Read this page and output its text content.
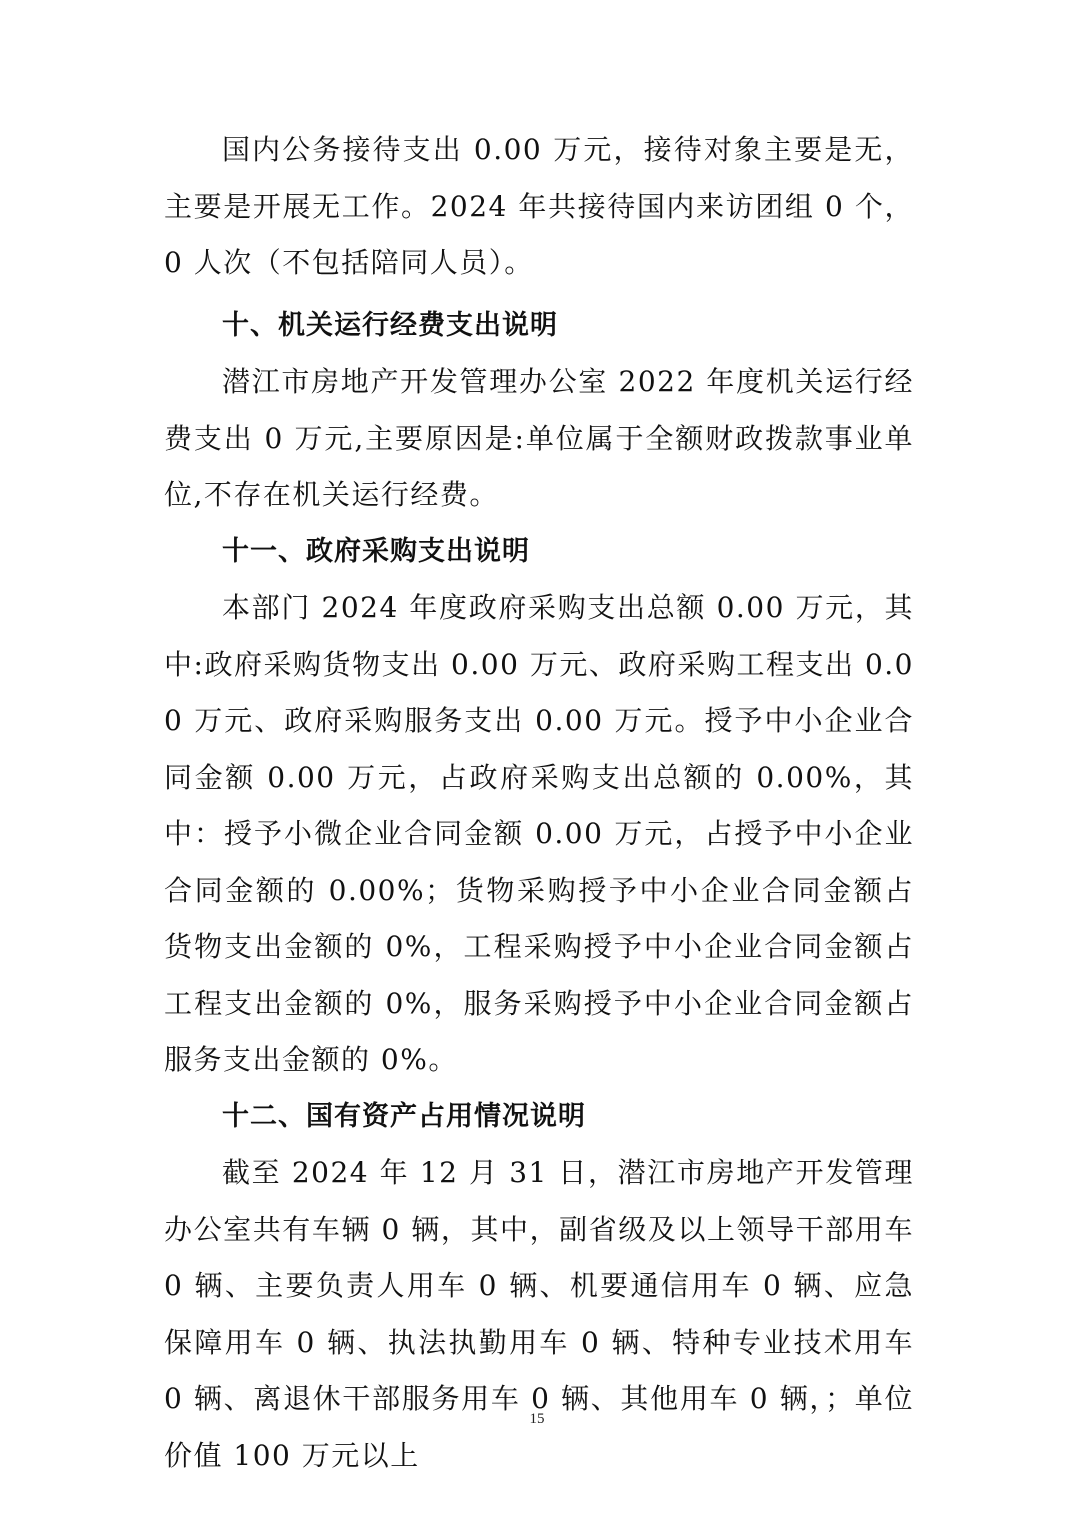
国内公务接待支出 0.00 万元，接待对象主要是无，主要是开展无工作。2024 年共接待国内来访团组 0 个，0 人次（不包括陪同人员）。

十、机关运行经费支出说明

潜江市房地产开发管理办公室 2022 年度机关运行经费支出 0 万元,主要原因是:单位属于全额财政拨款事业单位,不存在机关运行经费。

十一、政府采购支出说明

本部门 2024 年度政府采购支出总额 0.00 万元，其中:政府采购货物支出 0.00 万元、政府采购工程支出 0.00 万元、政府采购服务支出 0.00 万元。授予中小企业合同金额 0.00 万元，占政府采购支出总额的 0.00%，其中：授予小微企业合同金额 0.00 万元，占授予中小企业合同金额的 0.00%；货物采购授予中小企业合同金额占货物支出金额的 0%，工程采购授予中小企业合同金额占工程支出金额的 0%，服务采购授予中小企业合同金额占服务支出金额的 0%。

十二、国有资产占用情况说明

截至 2024 年 12 月 31 日，潜江市房地产开发管理办公室共有车辆 0 辆，其中，副省级及以上领导干部用车 0 辆、主要负责人用车 0 辆、机要通信用车 0 辆、应急保障用车 0 辆、执法执勤用车 0 辆、特种专业技术用车 0 辆、离退休干部服务用车 0 辆、其他用车 0 辆，；单位价值 100 万元以上

15
